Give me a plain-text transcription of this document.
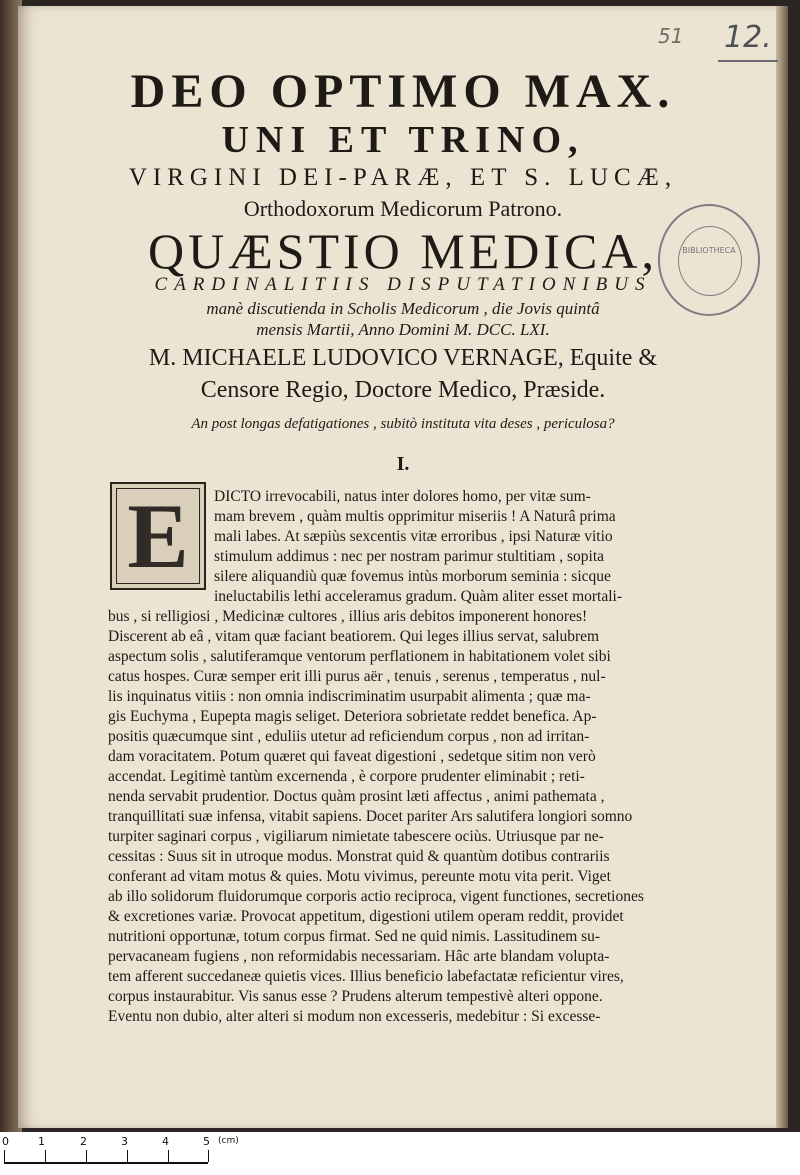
51 12.
DEO OPTIMO MAX.
UNI ET TRINO,
VIRGINI DEI-PARÆ, ET S. LUCÆ,
Orthodoxorum Medicorum Patrono.
QUÆSTIO MEDICA,
CARDINALITIIS DISPUTATIONIBUS
manè discutienda in Scholis Medicorum , die Jovis quintâ
mensis Martii, Anno Domini M. DCC. LXI.
M. MICHAELE LUDOVICO VERNAGE, Equite &
Censore Regio, Doctore Medico, Præside.
An post longas defatigationes , subitò instituta vita deses , periculosa?
I.
BIBLIOTHECA
E	DICTO irrevocabili, natus inter dolores homo, per vitæ sum-
mam brevem , quàm multis opprimitur miseriis ! A Naturâ prima
mali labes. At sæpiùs sexcentis vitæ erroribus , ipsi Naturæ vitio
stimulum addimus : nec per nostram parimur stultitiam , sopita
silere aliquandiù quæ fovemus intùs morborum seminia : sicque
ineluctabilis lethi acceleramus gradum. Quàm aliter esset mortali-
bus , si relligiosi , Medicinæ cultores , illius aris debitos imponerent honores!
Discerent ab eâ , vitam quæ faciant beatiorem. Qui leges illius servat, salubrem
aspectum solis , salutiferamque ventorum perflationem in habitationem volet sibi
catus hospes. Curæ semper erit illi purus aër , tenuis , serenus , temperatus , nul-
lis inquinatus vitiis : non omnia indiscriminatim usurpabit alimenta ; quæ ma-
gis Euchyma , Eupepta magis seliget. Deteriora sobrietate reddet benefica. Ap-
positis quæcumque sint , eduliis utetur ad reficiendum corpus , non ad irritan-
dam voracitatem. Potum quæret qui faveat digestioni , sedetque sitim non verò
accendat. Legitimè tantùm excernenda , è corpore prudenter eliminabit ; reti-
nenda servabit prudentior. Doctus quàm prosint læti affectus , animi pathemata ,
tranquillitati suæ infensa, vitabit sapiens. Docet pariter Ars salutifera longiori somno
turpiter saginari corpus , vigiliarum nimietate tabescere ociùs. Utriusque par ne-
cessitas : Suus sit in utroque modus. Monstrat quid & quantùm dotibus contrariis
conferant ad vitam motus & quies. Motu vivimus, pereunte motu vita perit. Viget
ab illo solidorum fluidorumque corporis actio reciproca, vigent functiones, secretiones
& excretiones variæ. Provocat appetitum, digestioni utilem operam reddit, providet
nutritioni opportunæ, totum corpus firmat. Sed ne quid nimis. Lassitudinem su-
pervacaneam fugiens , non reformidabis necessariam. Hâc arte blandam volupta-
tem afferent succedaneæ quietis vices. Illius beneficio labefactatæ reficientur vires,
corpus instaurabitur. Vis sanus esse ? Prudens alterum tempestivè alteri oppone.
Eventu non dubio, alter alteri si modum non excesseris, medebitur : Si excesse-
0	1	2	3	4	5 (cm)
